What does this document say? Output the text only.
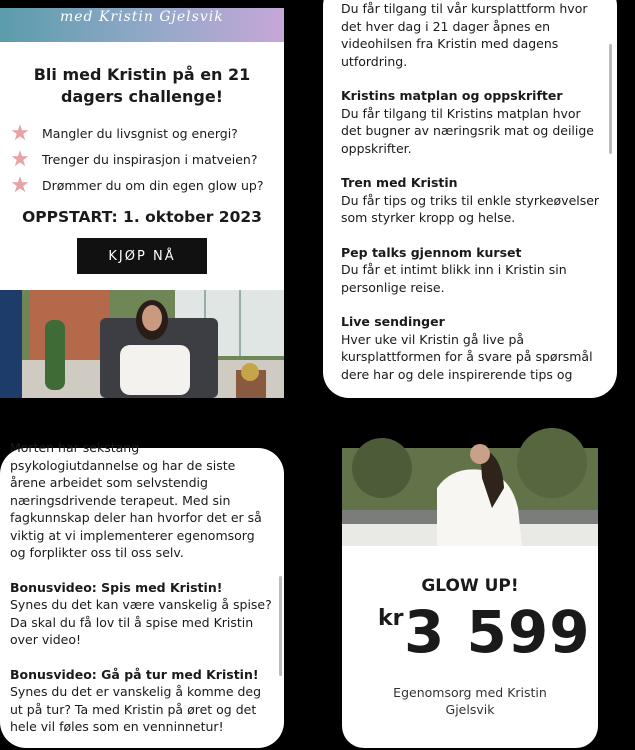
med Kristin Gjelsvik
Bli med Kristin på en 21 dagers challenge!
★ Mangler du livsgnist og energi?
★ Trenger du inspirasjon i matveien?
★ Drømmer du om din egen glow up?
OPPSTART: 1. oktober 2023
KJØP NÅ

Du får tilgang til vår kursplattform hvor det hver dag i 21 dager åpnes en videohilsen fra Kristin med dagens utfordring.

Kristins matplan og oppskrifter

Du får tilgang til Kristins matplan hvor det bugner av næringsrik mat og deilige oppskrifter.

Tren med Kristin

Du får tips og triks til enkle styrkeøvelser som styrker kropp og helse.

Pep talks gjennom kurset

Du får et intimt blikk inn i Kristin sin personlige reise.

Live sendinger

Hver uke vil Kristin gå live på kursplattformen for å svare på spørsmål dere har og dele inspirerende tips og

Morten har sekstang
psykologiutdannelse og har de siste årene arbeidet som selvstendig næringsdrivende terapeut. Med sin fagkunnskap deler han hvorfor det er så viktig at vi implementerer egenomsorg og forplikter oss til oss selv.

Bonusvideo: Spis med Kristin!

Synes du det kan være vanskelig å spise? Da skal du få lov til å spise med Kristin over video!

Bonusvideo: Gå på tur med Kristin!

Synes du det er vanskelig å komme deg ut på tur? Ta med Kristin på øret og det hele vil føles som en venninnetur!

GLOW UP!
kr 3 599
Egenomsorg med Kristin Gjelsvik
